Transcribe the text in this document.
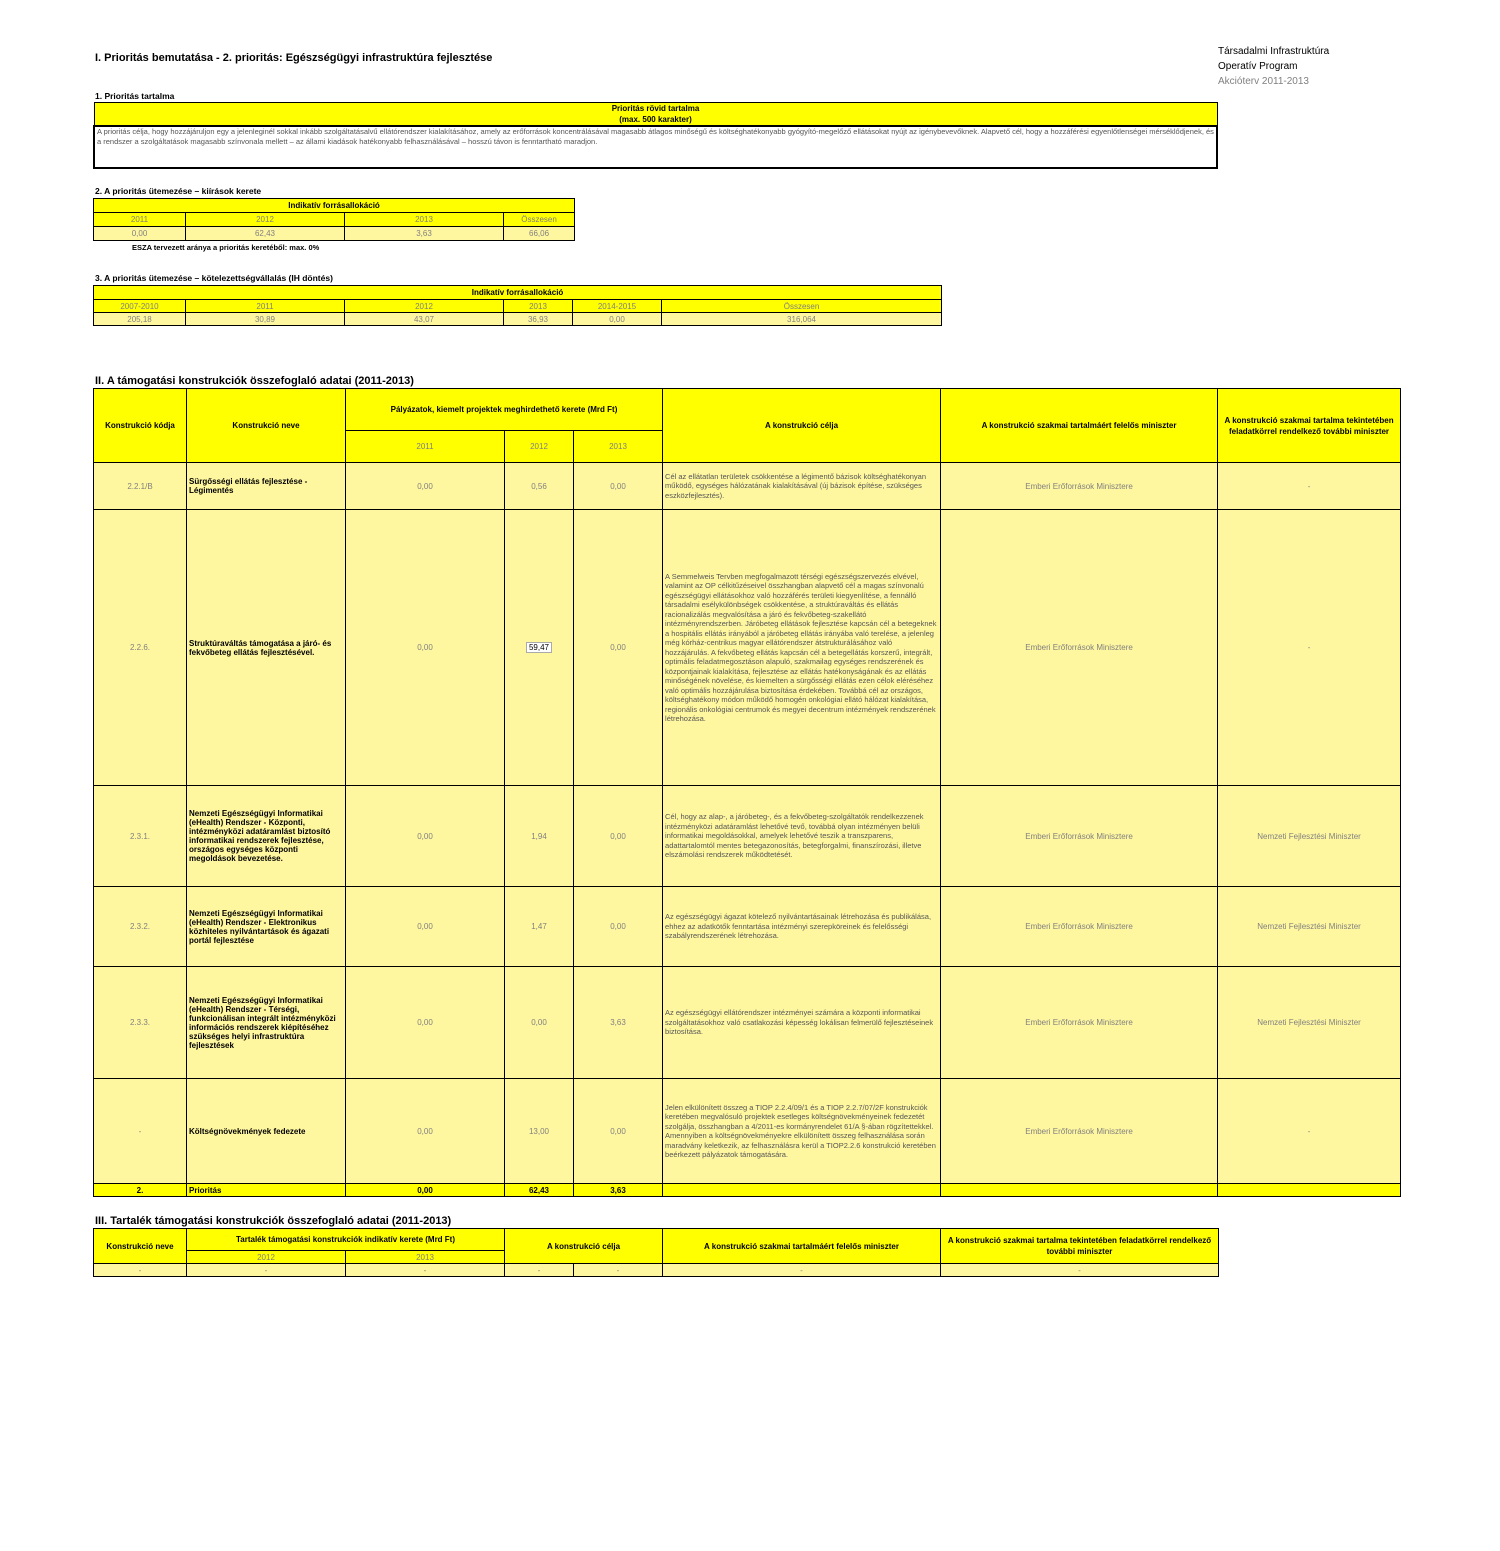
I. Prioritás bemutatása - 2. prioritás: Egészségügyi infrastruktúra fejlesztése
Társadalmi Infrastruktúra
Operatív Program
Akcióterv 2011-2013
1. Prioritás tartalma
Prioritás rövid tartalma
(max. 500 karakter)
A prioritás célja, hogy hozzájáruljon egy a jelenleginél sokkal inkább szolgáltatásalvű ellátórendszer kialakításához, amely az erőforrások koncentrálásával magasabb átlagos minőségű és költséghatékonyabb gyógyító-megelőző ellátásokat nyújt az igénybevevőknek. Alapvető cél, hogy a hozzáférési egyenlőtlenségei mérséklődjenek, és a rendszer a szolgáltatások magasabb színvonala mellett – az állami kiadások hatékonyabb felhasználásával – hosszú távon is fenntartható maradjon.
2. A prioritás ütemezése – kiírások kerete
Indikatív forrásallokáció			
2011	2012	2013	Összesen
0,00	62,43	3,63	66,06
ESZA tervezett aránya a prioritás keretéből: max. 0%
3. A prioritás ütemezése – kötelezettségvállalás (IH döntés)
Indikatív forrásallokáció					
2007-2010	2011	2012	2013	2014-2015	Összesen
205,18	30,89	43,07	36,93	0,00	316,064
II. A támogatási konstrukciók összefoglaló adatai (2011-2013)
Konstrukció kódja	Konstrukció neve	Pályázatok, kiemelt projektek meghirdethető kerete (Mrd Ft)			A konstrukció célja	A konstrukció szakmai tartalmáért felelős miniszter	A konstrukció szakmai tartalma tekintetében feladatkörrel rendelkező további miniszter
		2011	2012	2013			
2.2.1/B	Sürgősségi ellátás fejlesztése - Légimentés	0,00	0,56	0,00	Cél az ellátatlan területek csökkentése a légimentő bázisok költséghatékonyan működő, egységes hálózatának kialakításával (új bázisok építése, szükséges eszközfejlesztés).	Emberi Erőforrások Minisztere	-
2.2.6.	Struktúraváltás támogatása a járó- és fekvőbeteg ellátás fejlesztésével.	0,00	59,47	0,00	A Semmelweis Tervben megfogalmazott térségi egészségszervezés elvével, valamint az OP célkitűzéseivel összhangban alapvető cél a magas színvonalú egészségügyi ellátásokhoz való hozzáférés területi kiegyenlítése, a fennálló társadalmi esélykülönbségek csökkentése, a struktúraváltás és ellátás racionalizálás megvalósítása a járó és fekvőbeteg-szakellátó intézményrendszerben. Járóbeteg ellátások fejlesztése kapcsán cél a betegeknek a hospitális ellátás irányából a járóbeteg ellátás irányába való terelése, a jelenleg még kórház-centrikus magyar ellátórendszer átstrukturálásához való hozzájárulás. A fekvőbeteg ellátás kapcsán cél a betegellátás korszerű, integrált, optimális feladatmegosztáson alapuló, szakmailag egységes rendszerének és központjainak kialakítása, fejlesztése az ellátás hatékonyságának és az ellátás minőségének növelése, és kiemelten a sürgősségi ellátás ezen célok eléréséhez való optimális hozzájárulása biztosítása érdekében. Továbbá cél az országos, költséghatékony módon működő homogén onkológiai ellátó hálózat kialakítása, regionális onkológiai centrumok és megyei decentrum intézmények rendszerének létrehozása.	Emberi Erőforrások Minisztere	-
2.3.1.	Nemzeti Egészségügyi Informatikai (eHealth) Rendszer - Központi, intézményközi adatáramlást biztosító informatikai rendszerek fejlesztése, országos egységes központi megoldások bevezetése.	0,00	1,94	0,00	Cél, hogy az alap-, a járóbeteg-, és a fekvőbeteg-szolgáltatók rendelkezzenek intézményközi adatáramlást lehetővé tevő, továbbá olyan intézményen belüli informatikai megoldásokkal, amelyek lehetővé teszik a transzparens, adattartalomtól mentes betegazonosítás, betegforgalmi, finanszírozási, illetve elszámolási rendszerek működtetését.	Emberi Erőforrások Minisztere	Nemzeti Fejlesztési Miniszter
2.3.2.	Nemzeti Egészségügyi Informatikai (eHealth) Rendszer - Elektronikus közhiteles nyilvántartások és ágazati portál fejlesztése	0,00	1,47	0,00	Az egészségügyi ágazat kötelező nyilvántartásainak létrehozása és publikálása, ehhez az adatkötők fenntartása intézményi szerepköreinek és felelősségi szabályrendszerének létrehozása.	Emberi Erőforrások Minisztere	Nemzeti Fejlesztési Miniszter
2.3.3.	Nemzeti Egészségügyi Informatikai (eHealth) Rendszer - Térségi, funkcionálisan integrált intézményközi információs rendszerek kiépítéséhez szükséges helyi infrastruktúra fejlesztések	0,00	0,00	3,63	Az egészségügyi ellátórendszer intézményei számára a központi informatikai szolgáltatásokhoz való csatlakozási képesség lokálisan felmerülő fejlesztéseinek biztosítása.	Emberi Erőforrások Minisztere	Nemzeti Fejlesztési Miniszter
-	Költségnövekmények fedezete	0,00	13,00	0,00	Jelen elkülönített összeg a TIOP 2.2.4/09/1 és a TIOP 2.2.7/07/2F konstrukciók keretében megvalósuló projektek esetleges költségnövekményeinek fedezetét szolgálja, összhangban a 4/2011-es kormányrendelet 61/A §-ában rögzítettekkel. Amennyiben a költségnövekményekre elkülönített összeg felhasználása során maradvány keletkezik, az felhasználásra kerül a TIOP2.2.6 konstrukció keretében beérkezett pályázatok támogatására.	Emberi Erőforrások Minisztere	-
2.	Prioritás	0,00	62,43	3,63			
III. Tartalék támogatási konstrukciók összefoglaló adatai (2011-2013)
Konstrukció neve	Tartalék támogatási konstrukciók indikatív kerete (Mrd Ft)		A konstrukció célja		A konstrukció szakmai tartalmáért felelős miniszter	A konstrukció szakmai tartalma tekintetében feladatkörrel rendelkező további miniszter
	2012	2013				
-	-	-	-	-	-	-
